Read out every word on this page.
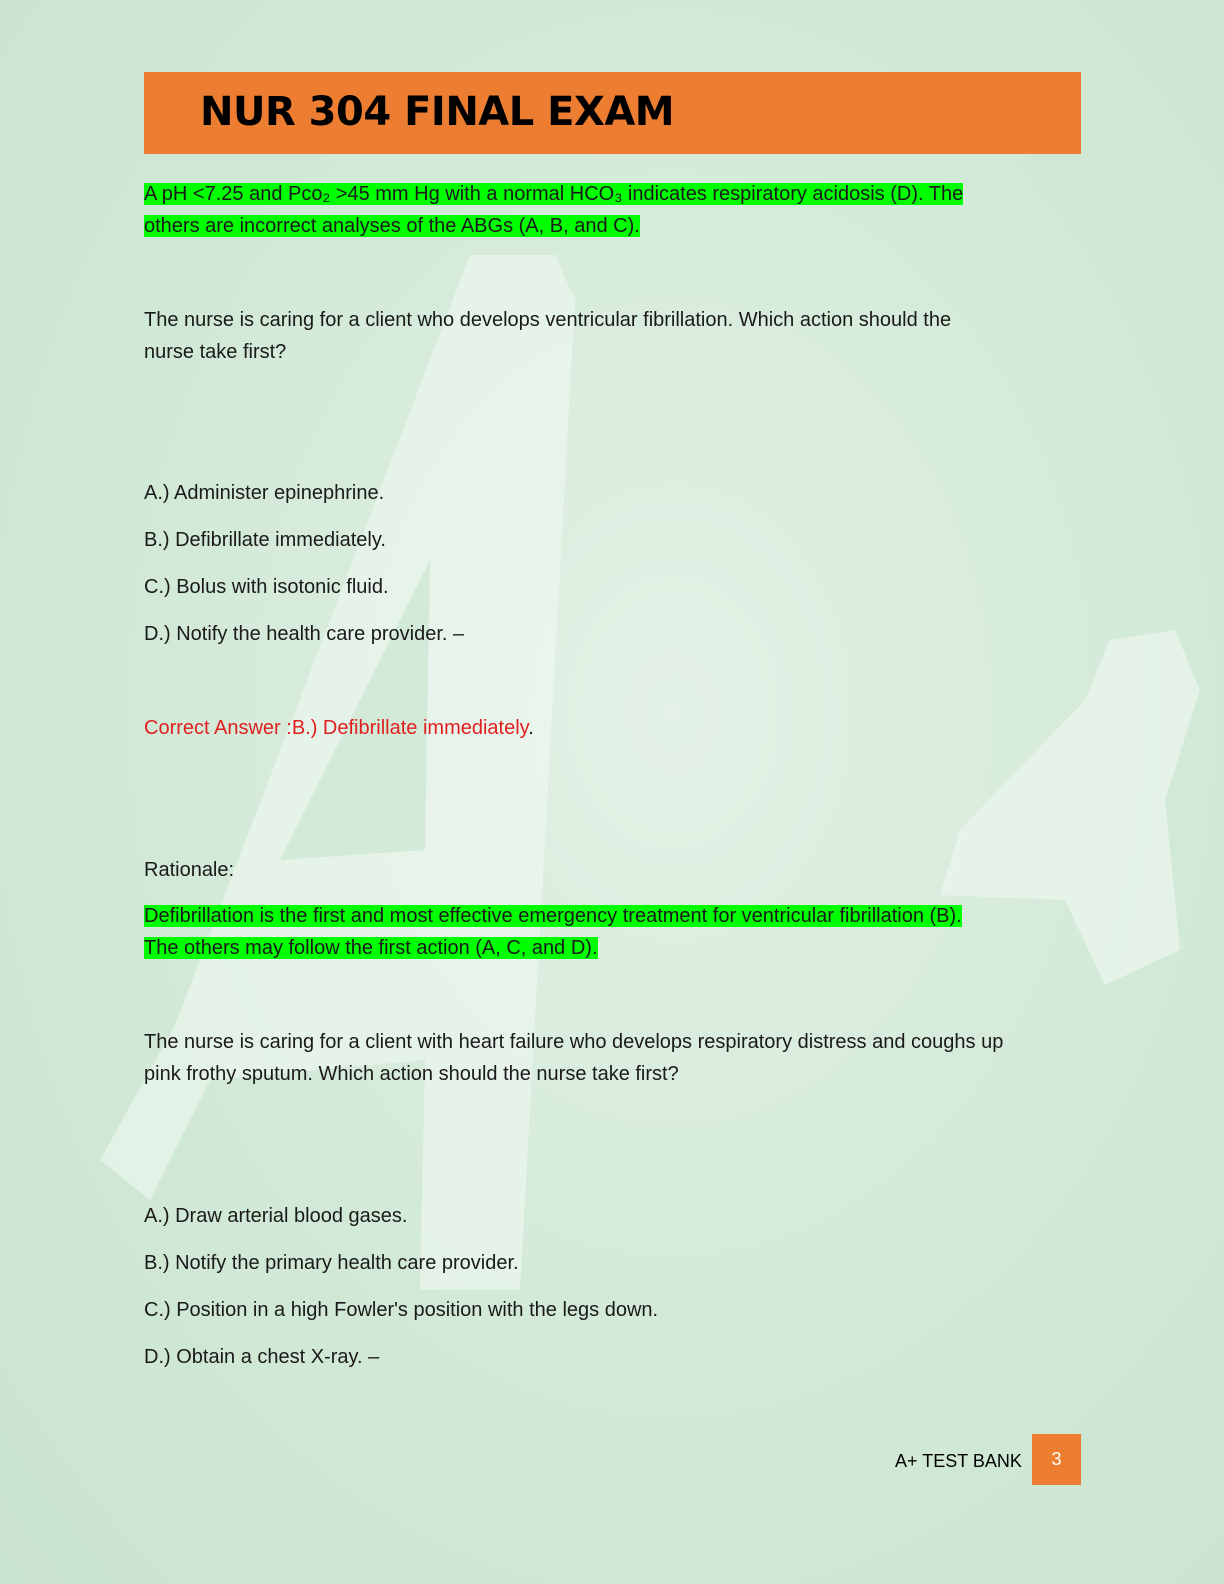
NUR 304 FINAL EXAM
A pH <7.25 and Pco₂ >45 mm Hg with a normal HCO₃ indicates respiratory acidosis (D). The
others are incorrect analyses of the ABGs (A, B, and C).
The nurse is caring for a client who develops ventricular fibrillation. Which action should the
nurse take first?
A.) Administer epinephrine.
B.) Defibrillate immediately.
C.) Bolus with isotonic fluid.
D.) Notify the health care provider. –
Correct Answer :B.) Defibrillate immediately.
Rationale:
Defibrillation is the first and most effective emergency treatment for ventricular fibrillation (B).
The others may follow the first action (A, C, and D).
The nurse is caring for a client with heart failure who develops respiratory distress and coughs up
pink frothy sputum. Which action should the nurse take first?
A.) Draw arterial blood gases.
B.) Notify the primary health care provider.
C.) Position in a high Fowler's position with the legs down.
D.) Obtain a chest X-ray. –
A+ TEST BANK 3
